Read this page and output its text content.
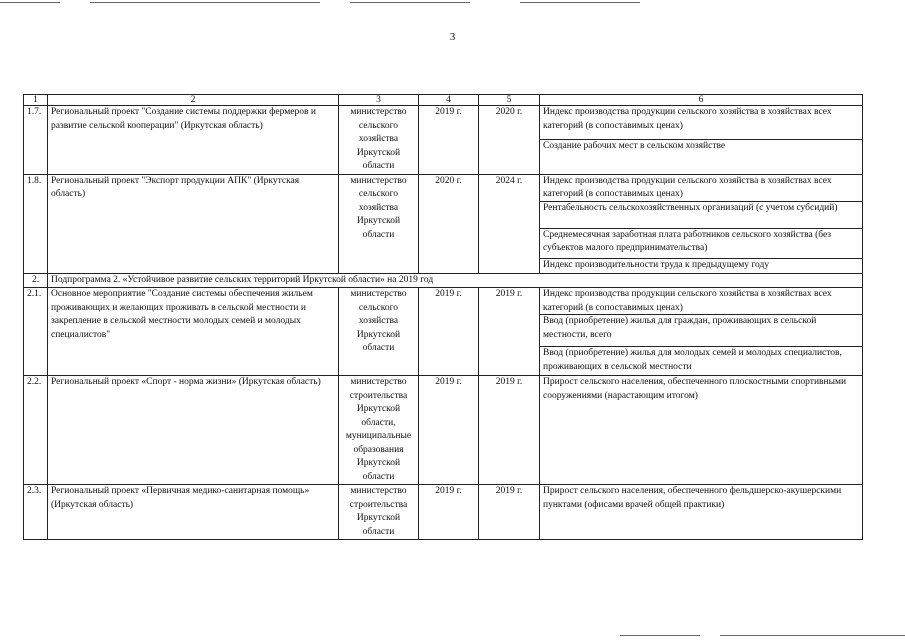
3
1	2	3	4	5	6
1.7.	Региональный проект "Создание системы поддержки фермеров и развитие сельской кооперации" (Иркутская область)	министерство сельского хозяйства Иркутской области	2019 г.	2020 г.	Индекс производства продукции сельского хозяйства в хозяйствах всех категорий (в сопоставимых ценах)
Создание рабочих мест в сельском хозяйстве

1.8.	Региональный проект "Экспорт продукции АПК" (Иркутская область)	министерство сельского хозяйства Иркутской области	2020 г.	2024 г.	Индекс производства продукции сельского хозяйства в хозяйствах всех категорий (в сопоставимых ценах)
Рентабельность сельскохозяйственных организаций (с учетом субсидий)
Среднемесячная заработная плата работников сельского хозяйства (без субъектов малого предпринимательства)
Индекс производительности труда к предыдущему году

2.	Подпрограмма 2. «Устойчивое развитие сельских территорий Иркутской области» на 2019 год				
2.1.	Основное мероприятие "Создание системы обеспечения жильем проживающих и желающих проживать в сельской местности и закрепление в сельской местности молодых семей и молодых специалистов"	министерство сельского хозяйства Иркутской области	2019 г.	2019 г.	Индекс производства продукции сельского хозяйства в хозяйствах всех категорий (в сопоставимых ценах)
Ввод (приобретение) жилья для граждан, проживающих в сельской местности, всего
Ввод (приобретение) жилья для молодых семей и молодых специалистов, проживающих в сельской местности

2.2.	Региональный проект «Спорт - норма жизни» (Иркутская область)	министерство строительства Иркутской области, муниципальные образования Иркутской области	2019 г.	2019 г.	Прирост сельского населения, обеспеченного плоскостными спортивными сооружениями (нарастающим итогом)

2.3.	Региональный проект «Первичная медико-санитарная помощь» (Иркутская область)	министерство строительства Иркутской области	2019 г.	2019 г.	Прирост сельского населения, обеспеченного фельдшерско-акушерскими пунктами (офисами врачей общей практики)
